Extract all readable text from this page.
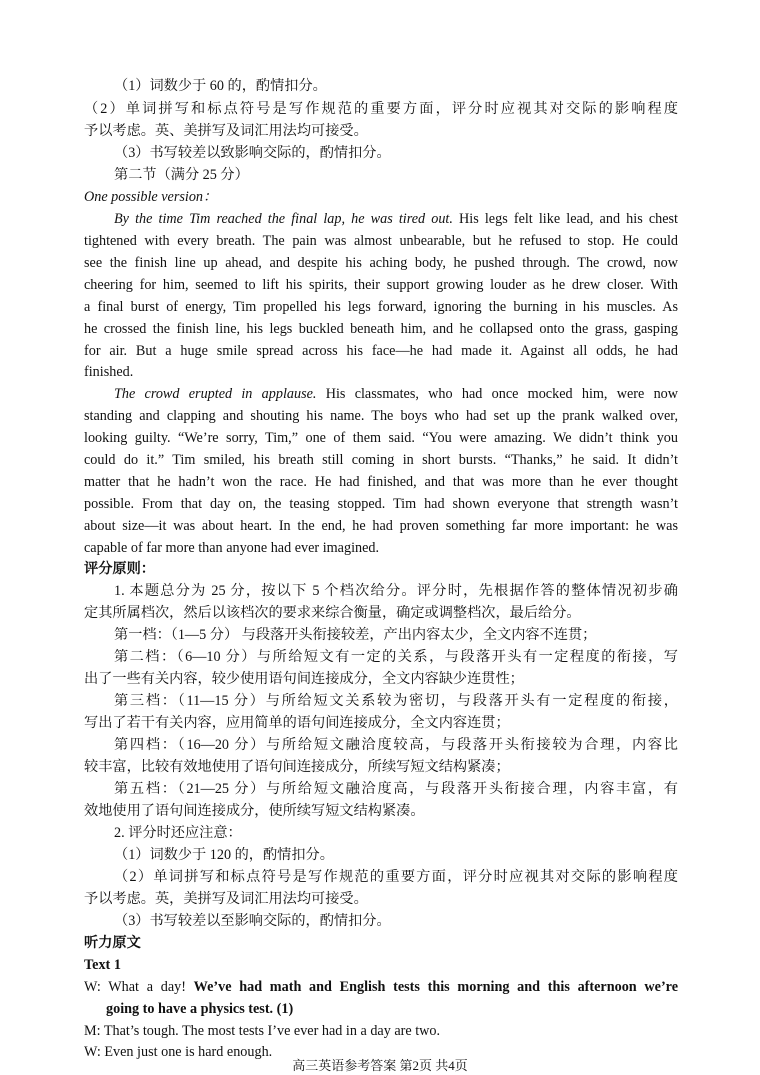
（1）词数少于 60 的，酌情扣分。
（2）单词拼写和标点符号是写作规范的重要方面，评分时应视其对交际的影响程度
予以考虑。英、美拼写及词汇用法均可接受。
（3）书写较差以致影响交际的，酌情扣分。
第二节（满分 25 分）
One possible version：
By the time Tim reached the final lap, he was tired out. His legs felt like lead, and his chest
tightened with every breath. The pain was almost unbearable, but he refused to stop. He could
see the finish line up ahead, and despite his aching body, he pushed through. The crowd, now
cheering for him, seemed to lift his spirits, their support growing louder as he drew closer. With
a final burst of energy, Tim propelled his legs forward, ignoring the burning in his muscles. As
he crossed the finish line, his legs buckled beneath him, and he collapsed onto the grass, gasping
for air. But a huge smile spread across his face—he had made it. Against all odds, he had
finished.
The crowd erupted in applause. His classmates, who had once mocked him, were now
standing and clapping and shouting his name. The boys who had set up the prank walked over,
looking guilty. “We’re sorry, Tim,” one of them said. “You were amazing. We didn’t think you
could do it.” Tim smiled, his breath still coming in short bursts. “Thanks,” he said. It didn’t
matter that he hadn’t won the race. He had finished, and that was more than he ever thought
possible. From that day on, the teasing stopped. Tim had shown everyone that strength wasn’t
about size—it was about heart. In the end, he had proven something far more important: he was
capable of far more than anyone had ever imagined.
评分原则：
1. 本题总分为 25 分，按以下 5 个档次给分。评分时，先根据作答的整体情况初步确
定其所属档次，然后以该档次的要求来综合衡量，确定或调整档次，最后给分。
第一档：（1—5 分） 与段落开头衔接较差，产出内容太少，全文内容不连贯；
第二档：（6—10 分）与所给短文有一定的关系，与段落开头有一定程度的衔接，写
出了一些有关内容，较少使用语句间连接成分，全文内容缺少连贯性；
第三档：（11—15 分）与所给短文关系较为密切，与段落开头有一定程度的衔接，
写出了若干有关内容，应用简单的语句间连接成分，全文内容连贯；
第四档：（16—20 分）与所给短文融洽度较高，与段落开头衔接较为合理，内容比
较丰富，比较有效地使用了语句间连接成分，所续写短文结构紧凑；
第五档：（21—25 分）与所给短文融洽度高，与段落开头衔接合理，内容丰富，有
效地使用了语句间连接成分，使所续写短文结构紧凑。
2. 评分时还应注意：
（1）词数少于 120 的，酌情扣分。
（2）单词拼写和标点符号是写作规范的重要方面，评分时应视其对交际的影响程度
予以考虑。英，美拼写及词汇用法均可接受。
（3）书写较差以至影响交际的，酌情扣分。
听力原文
Text 1
W: What a day! We’ve had math and English tests this morning and this afternoon we’re
going to have a physics test. (1)
M: That’s tough. The most tests I’ve ever had in a day are two.
W: Even just one is hard enough.
高三英语参考答案 第2页 共4页
